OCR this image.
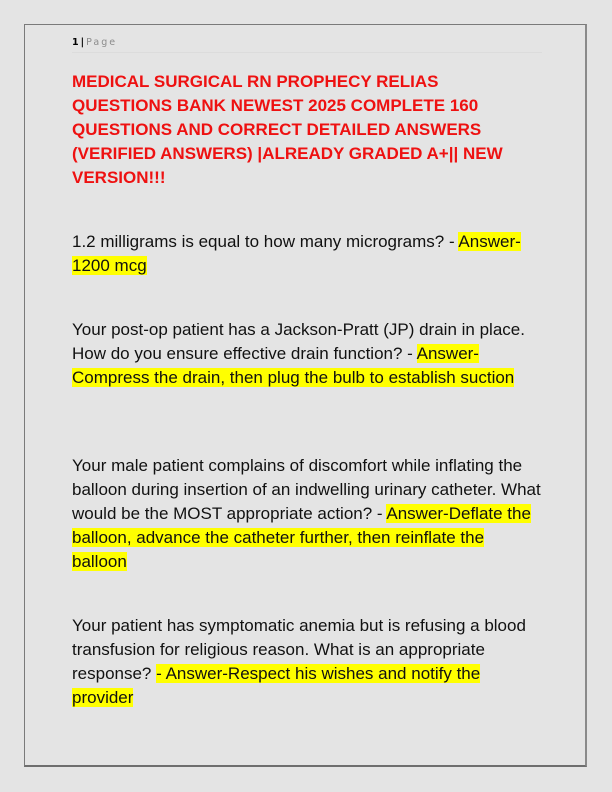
1 | Page
MEDICAL SURGICAL RN PROPHECY RELIAS QUESTIONS BANK NEWEST 2025 COMPLETE 160 QUESTIONS AND CORRECT DETAILED ANSWERS (VERIFIED ANSWERS) |ALREADY GRADED A+|| NEW VERSION!!!

1.2 milligrams is equal to how many micrograms? - Answer-1200 mcg

Your post-op patient has a Jackson-Pratt (JP) drain in place. How do you ensure effective drain function? - Answer-Compress the drain, then plug the bulb to establish suction

Your male patient complains of discomfort while inflating the balloon during insertion of an indwelling urinary catheter. What would be the MOST appropriate action? - Answer-Deflate the balloon, advance the catheter further, then reinflate the balloon

Your patient has symptomatic anemia but is refusing a blood transfusion for religious reason. What is an appropriate response? - Answer-Respect his wishes and notify the provider
